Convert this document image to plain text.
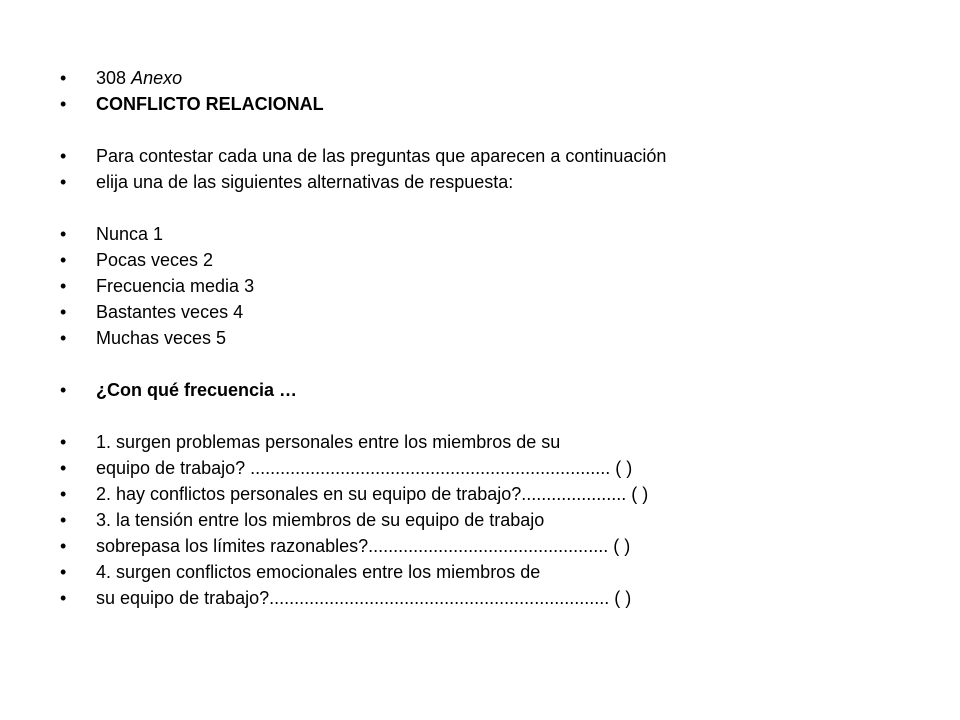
• 308 Anexo
• CONFLICTO RELACIONAL
• Para contestar cada una de las preguntas que aparecen a continuación
• elija una de las siguientes alternativas de respuesta:
• Nunca 1
• Pocas veces 2
• Frecuencia media 3
• Bastantes veces 4
• Muchas veces 5
• ¿Con qué frecuencia …
• 1. surgen problemas personales entre los miembros de su
• equipo de trabajo? ........................................................................ ( )
• 2. hay conflictos personales en su equipo de trabajo?..................... ( )
• 3. la tensión entre los miembros de su equipo de trabajo
• sobrepasa los límites razonables?................................................ ( )
• 4. surgen conflictos emocionales entre los miembros de
• su equipo de trabajo?.................................................................... ( )
